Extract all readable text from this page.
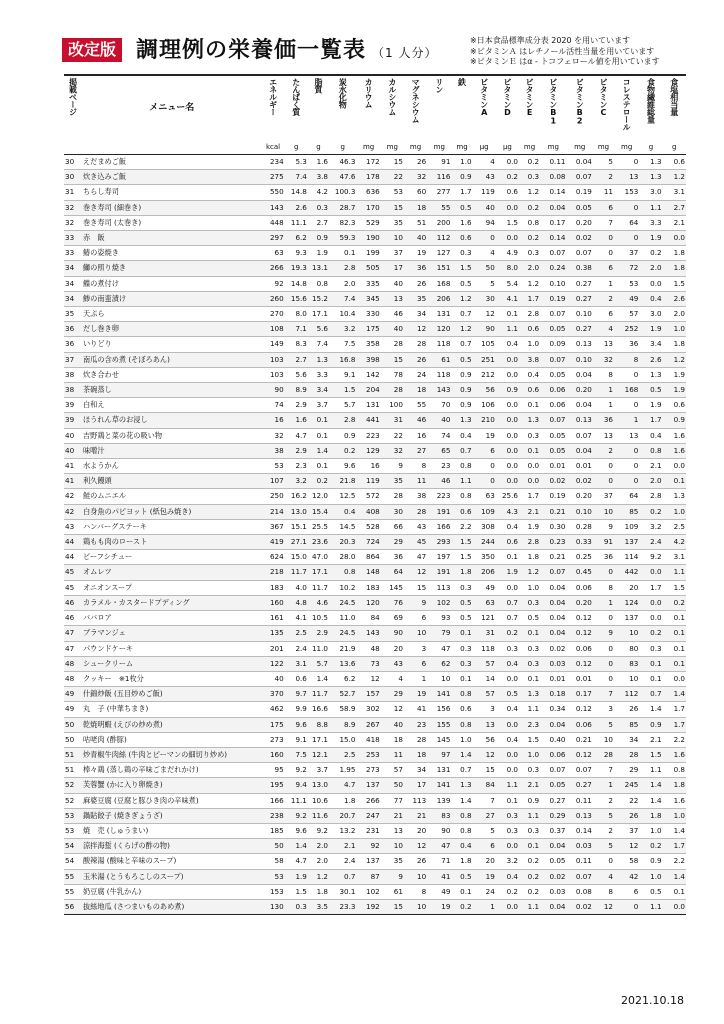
改定版 調理例の栄養価一覧表 （1 人分）
※日本食品標準成分表 2020 を用いています
※ビタミンＡ はレチノール活性当量を用いています
※ビタミンＥ はα - トコフェロール値を用いています
掲載ページ	メニュー名	エネルギー	たんぱく質	脂質	炭水化物	カリウム	カルシウム	マグネシウム	リン	鉄	ビタミンA	ビタミンD	ビタミンE	ビタミンB1	ビタミンB2	ビタミンC	コレステロール	食物繊維総量	食塩相当量
		kcal	g	g	g	mg	mg	mg	mg	mg	μg	μg	mg	mg	mg	mg	mg	g	g
30	えだまめご飯	234	5.3	1.6	46.3	172	15	26	91	1.0	4	0.0	0.2	0.11	0.04	5	0	1.3	0.6
30	炊き込みご飯	275	7.4	3.8	47.6	178	22	32	116	0.9	43	0.2	0.3	0.08	0.07	2	13	1.3	1.2
31	ちらし寿司	550	14.8	4.2	100.3	636	53	60	277	1.7	119	0.6	1.2	0.14	0.19	11	153	3.0	3.1
32	巻き寿司 (細巻き)	143	2.6	0.3	28.7	170	15	18	55	0.5	40	0.0	0.2	0.04	0.05	6	0	1.1	2.7
32	巻き寿司 (太巻き)	448	11.1	2.7	82.3	529	35	51	200	1.6	94	1.5	0.8	0.17	0.20	7	64	3.3	2.1
33	赤　飯	297	6.2	0.9	59.3	190	10	40	112	0.6	0	0.0	0.2	0.14	0.02	0	0	1.9	0.0
33	鰆の姿焼き	63	9.3	1.9	0.1	199	37	19	127	0.3	4	4.9	0.3	0.07	0.07	0	37	0.2	1.8
34	鰤の照り焼き	266	19.3	13.1	2.8	505	17	36	151	1.5	50	8.0	2.0	0.24	0.38	6	72	2.0	1.8
34	鰈の煮付け	92	14.8	0.8	2.0	335	40	26	168	0.5	5	5.4	1.2	0.10	0.27	1	53	0.0	1.5
34	鯵の南蛮漬け	260	15.6	15.2	7.4	345	13	35	206	1.2	30	4.1	1.7	0.19	0.27	2	49	0.4	2.6
35	天ぷら	270	8.0	17.1	10.4	330	46	34	131	0.7	12	0.1	2.8	0.07	0.10	6	57	3.0	2.0
36	だし巻き卵	108	7.1	5.6	3.2	175	40	12	120	1.2	90	1.1	0.6	0.05	0.27	4	252	1.9	1.0
36	いりどり	149	8.3	7.4	7.5	358	28	28	118	0.7	105	0.4	1.0	0.09	0.13	13	36	3.4	1.8
37	南瓜の含め煮 (そぼろあん)	103	2.7	1.3	16.8	398	15	26	61	0.5	251	0.0	3.8	0.07	0.10	32	8	2.6	1.2
38	炊き合わせ	103	5.6	3.3	9.1	142	78	24	118	0.9	212	0.0	0.4	0.05	0.04	8	0	1.3	1.9
38	茶碗蒸し	90	8.9	3.4	1.5	204	28	18	143	0.9	56	0.9	0.6	0.06	0.20	1	168	0.5	1.9
39	白和え	74	2.9	3.7	5.7	131	100	55	70	0.9	106	0.0	0.1	0.06	0.04	1	0	1.9	0.6
39	ほうれん草のお浸し	16	1.6	0.1	2.8	441	31	46	40	1.3	210	0.0	1.3	0.07	0.13	36	1	1.7	0.9
40	吉野鶏と菜の花の吸い物	32	4.7	0.1	0.9	223	22	16	74	0.4	19	0.0	0.3	0.05	0.07	13	13	0.4	1.6
40	味噌汁	38	2.9	1.4	0.2	129	32	27	65	0.7	6	0.0	0.1	0.05	0.04	2	0	0.8	1.6
41	水ようかん	53	2.3	0.1	9.6	16	9	8	23	0.8	0	0.0	0.0	0.01	0.01	0	0	2.1	0.0
41	利久饅頭	107	3.2	0.2	21.8	119	35	11	46	1.1	0	0.0	0.0	0.02	0.02	0	0	2.0	0.1
42	鮭のムニエル	250	16.2	12.0	12.5	572	28	38	223	0.8	63	25.6	1.7	0.19	0.20	37	64	2.8	1.3
42	白身魚のパピヨット (紙包み焼き)	214	13.0	15.4	0.4	408	30	28	191	0.6	109	4.3	2.1	0.21	0.10	10	85	0.2	1.0
43	ハンバーグステーキ	367	15.1	25.5	14.5	528	66	43	166	2.2	308	0.4	1.9	0.30	0.28	9	109	3.2	2.5
44	鶏もも肉のロースト	419	27.1	23.6	20.3	724	29	45	293	1.5	244	0.6	2.8	0.23	0.33	91	137	2.4	4.2
44	ビーフシチュー	624	15.0	47.0	28.0	864	36	47	197	1.5	350	0.1	1.8	0.21	0.25	36	114	9.2	3.1
45	オムレツ	218	11.7	17.1	0.8	148	64	12	191	1.8	206	1.9	1.2	0.07	0.45	0	442	0.0	1.1
45	オニオンスープ	183	4.0	11.7	10.2	183	145	15	113	0.3	49	0.0	1.0	0.04	0.06	8	20	1.7	1.5
46	カラメル・カスタードプディング	160	4.8	4.6	24.5	120	76	9	102	0.5	63	0.7	0.3	0.04	0.20	1	124	0.0	0.2
46	ババロア	161	4.1	10.5	11.0	84	69	6	93	0.5	121	0.7	0.5	0.04	0.12	0	137	0.0	0.1
47	ブラマンジェ	135	2.5	2.9	24.5	143	90	10	79	0.1	31	0.2	0.1	0.04	0.12	9	10	0.2	0.1
47	パウンドケーキ	201	2.4	11.0	21.9	48	20	3	47	0.3	118	0.3	0.3	0.02	0.06	0	80	0.3	0.1
48	シュークリーム	122	3.1	5.7	13.6	73	43	6	62	0.3	57	0.4	0.3	0.03	0.12	0	83	0.1	0.1
48	クッキー　※1枚分	40	0.6	1.4	6.2	12	4	1	10	0.1	14	0.0	0.1	0.01	0.01	0	10	0.1	0.0
49	什錦炒飯 (五目炒めご飯)	370	9.7	11.7	52.7	157	29	19	141	0.8	57	0.5	1.3	0.18	0.17	7	112	0.7	1.4
49	丸　子 (中華ちまき)	462	9.9	16.6	58.9	302	12	41	156	0.6	3	0.4	1.1	0.34	0.12	3	26	1.4	1.7
50	乾焼明蝦 (えびの炒め煮)	175	9.6	8.8	8.9	267	40	23	155	0.8	13	0.0	2.3	0.04	0.06	5	85	0.9	1.7
50	咕咾肉 (酢豚)	273	9.1	17.1	15.0	418	18	28	145	1.0	56	0.4	1.5	0.40	0.21	10	34	2.1	2.2
51	炒青椒牛肉絲 (牛肉とピーマンの細切り炒め)	160	7.5	12.1	2.5	253	11	18	97	1.4	12	0.0	1.0	0.06	0.12	28	28	1.5	1.6
51	棒々鶏 (蒸し鶏の辛味ごまだれかけ)	95	9.2	3.7	1.95	273	57	34	131	0.7	15	0.0	0.3	0.07	0.07	7	29	1.1	0.8
52	芙蓉蟹 (かに入り卵焼き)	195	9.4	13.0	4.7	137	50	17	141	1.3	84	1.1	2.1	0.05	0.27	1	245	1.4	1.8
52	麻婆豆腐 (豆腐と豚ひき肉の辛味煮)	166	11.1	10.6	1.8	266	77	113	139	1.4	7	0.1	0.9	0.27	0.11	2	22	1.4	1.6
53	鍋貼餃子 (焼きぎょうざ)	238	9.2	11.6	20.7	247	21	21	83	0.8	27	0.3	1.1	0.29	0.13	5	26	1.8	1.0
53	焼　売 (しゅうまい)	185	9.6	9.2	13.2	231	13	20	90	0.8	5	0.3	0.3	0.37	0.14	2	37	1.0	1.4
54	涼拌海蜇 (くらげの酢の物)	50	1.4	2.0	2.1	92	10	12	47	0.4	6	0.0	0.1	0.04	0.03	5	12	0.2	1.7
54	酸辣湯 (酸味と辛味のスープ)	58	4.7	2.0	2.4	137	35	26	71	1.8	20	3.2	0.2	0.05	0.11	0	58	0.9	2.2
55	玉米湯 (とうもろこしのスープ)	53	1.9	1.2	0.7	87	9	10	41	0.5	19	0.4	0.2	0.02	0.07	4	42	1.0	1.4
55	奶豆腐 (牛乳かん)	153	1.5	1.8	30.1	102	61	8	49	0.1	24	0.2	0.2	0.03	0.08	8	6	0.5	0.1
56	抜絲地瓜 (さつまいものあめ煮)	130	0.3	3.5	23.3	192	15	10	19	0.2	1	0.0	1.1	0.04	0.02	12	0	1.1	0.0
2021.10.18
